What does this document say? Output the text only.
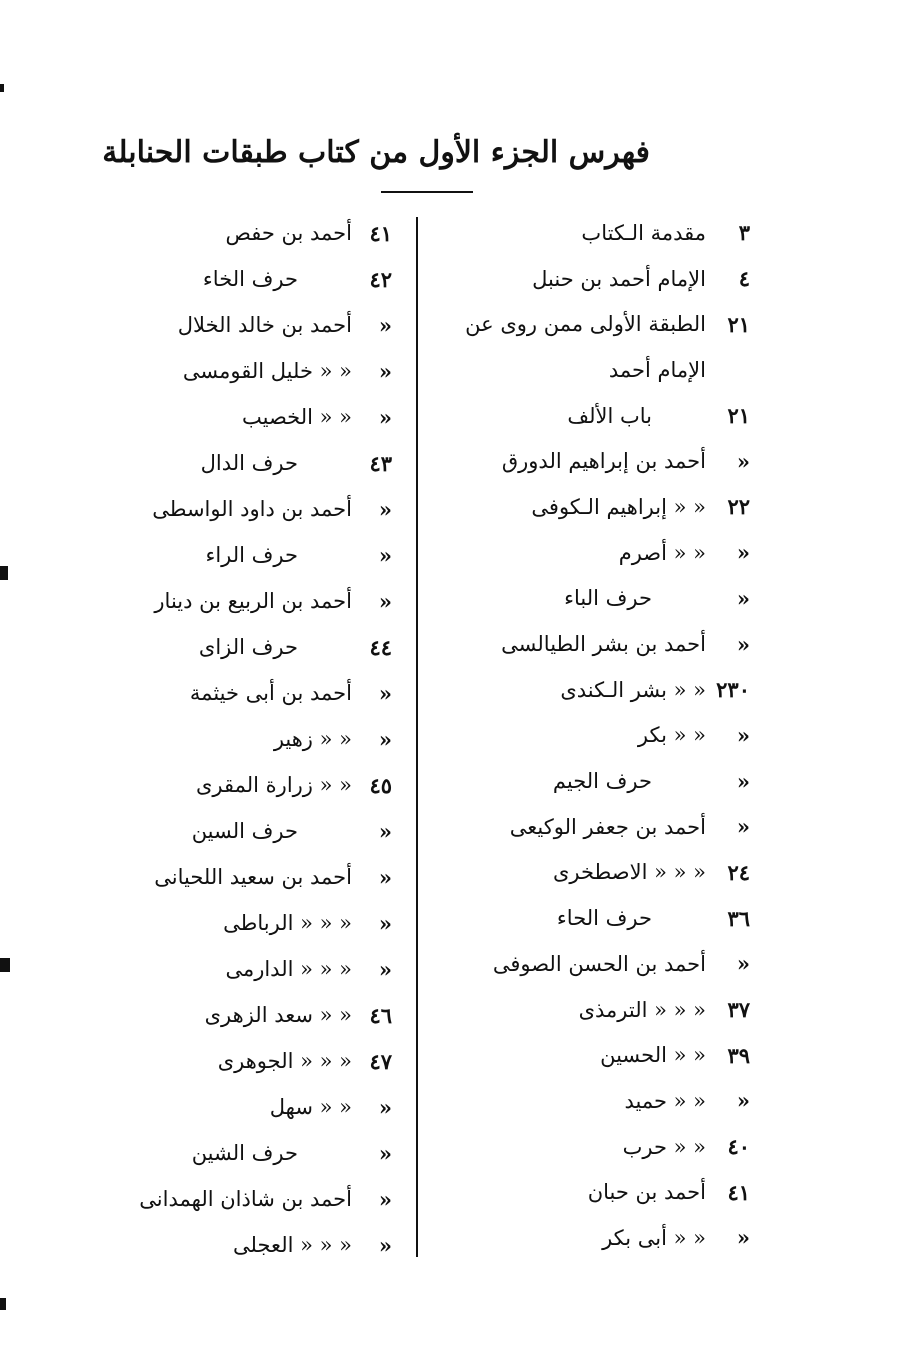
فهرس الجزء الأول من كتاب طبقات الحنابلة
٣
مقدمة الـكتاب
٤
الإمام أحمد بن حنبل
٢١
الطبقة الأولى ممن روى عن
الإمام أحمد
٢١
باب الألف
«
أحمد بن إبراهيم الدورق
٢٢
« « إبراهيم الـكوفى
«
« « أصرم
«
حرف الباء
«
أحمد بن بشر الطيالسى
٢٣٠
« « بشر الـكندى
«
« « بكر
«
حرف الجيم
«
أحمد بن جعفر الوكيعى
٢٤
« « « الاصطخرى
٣٦
حرف الحاء
«
أحمد بن الحسن الصوفى
٣٧
« « « الترمذى
٣٩
« « الحسين
«
« « حميد
٤٠
« « حرب
٤١
أحمد بن حبان
«
« « أبى بكر
٤١
أحمد بن حفص
٤٢
حرف الخاء
«
أحمد بن خالد الخلال
«
« « خليل القومسى
«
« « الخصيب
٤٣
حرف الدال
«
أحمد بن داود الواسطى
«
حرف الراء
«
أحمد بن الربيع بن دينار
٤٤
حرف الزاى
«
أحمد بن أبى خيثمة
«
« « زهير
٤٥
« « زرارة المقرى
«
حرف السين
«
أحمد بن سعيد اللحيانى
«
« « « الرباطى
«
« « « الدارمى
٤٦
« « سعد الزهرى
٤٧
« « « الجوهرى
«
« « سهل
«
حرف الشين
«
أحمد بن شاذان الهمدانى
«
« « « العجلى
